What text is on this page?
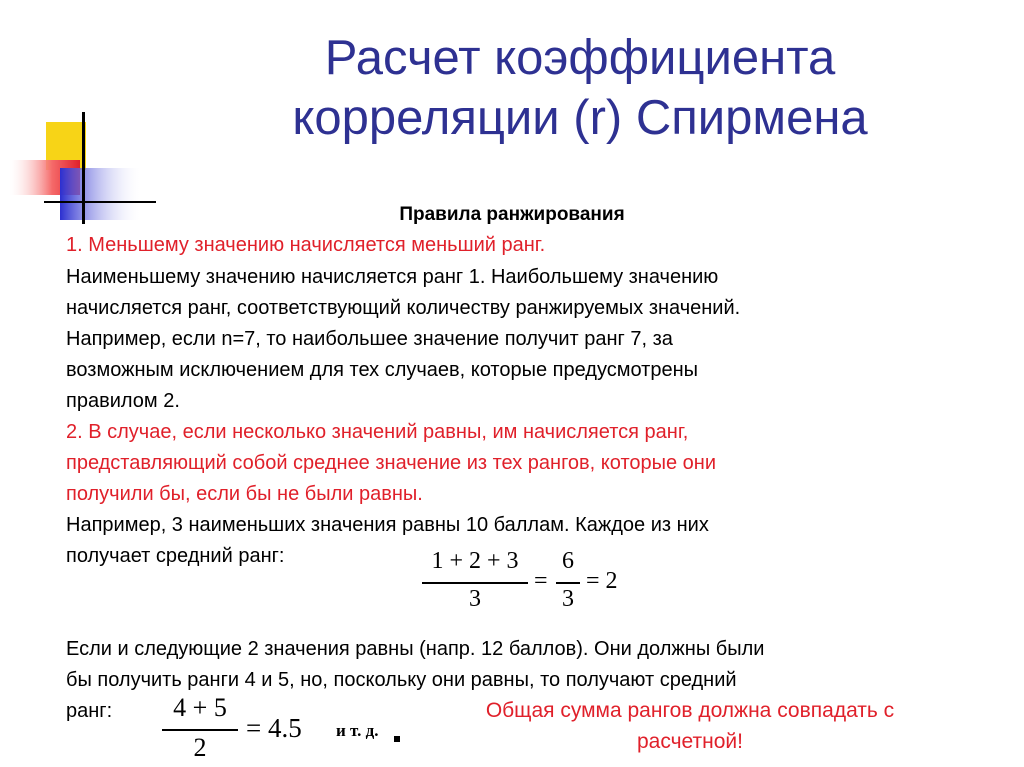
Расчет коэффициента
корреляции (r) Спирмена
Правила ранжирования

1. Меньшему значению начисляется меньший ранг.

Наименьшему значению начисляется ранг 1. Наибольшему значению
начисляется ранг, соответствующий количеству ранжируемых значений.
Например, если n=7, то наибольшее значение получит ранг 7, за
возможным исключением для тех случаев, которые предусмотрены
правилом 2.

2. В случае, если несколько значений равны, им начисляется ранг,
представляющий собой среднее значение из тех рангов, которые они
получили бы, если бы не были равны.

Например, 3 наименьших значения равны 10 баллам. Каждое из них
получает средний ранг:	1 + 2 + 3
3
=
6
3
= 2

Если и следующие 2 значения равны (напр. 12 баллов). Они должны были
бы получить ранги 4 и 5, но, поскольку они равны, то получают средний
ранг:	4 + 5
2
= 4.5 и т. д.

Общая сумма рангов должна совпадать с
расчетной!
